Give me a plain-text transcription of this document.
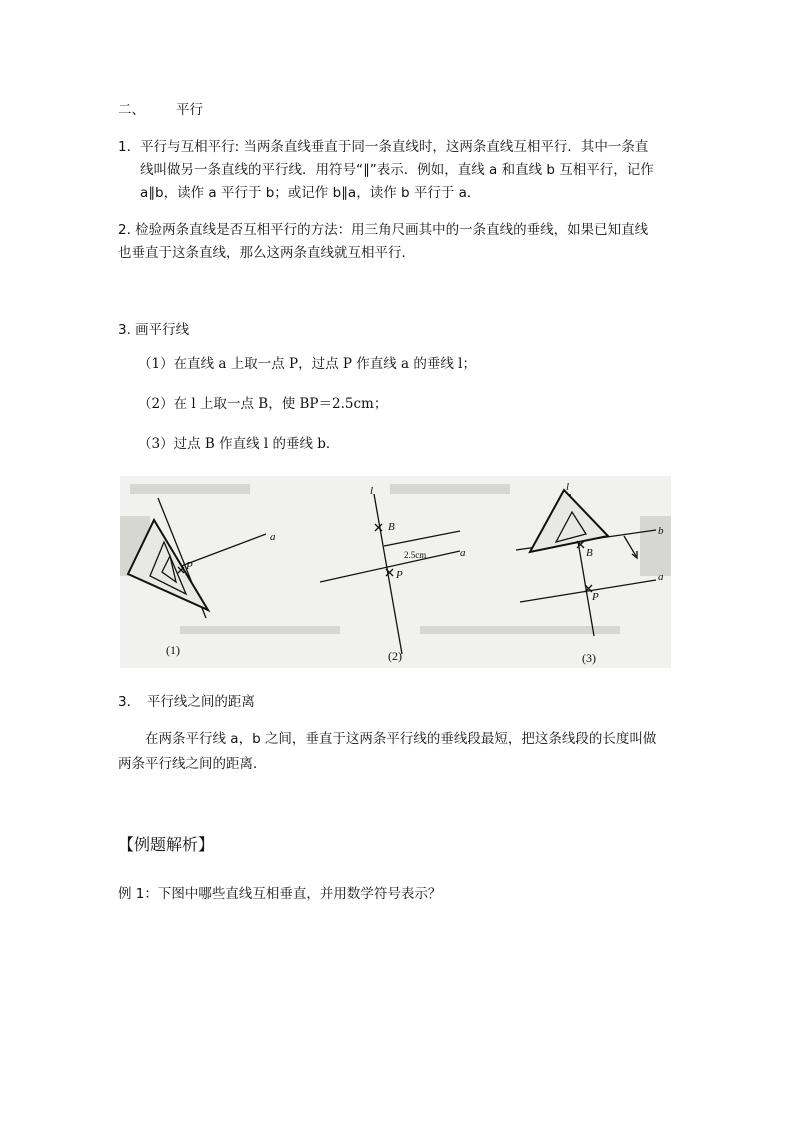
二、 平行
1．平行与互相平行: 当两条直线垂直于同一条直线时，这两条直线互相平行．其中一条直
线叫做另一条直线的平行线．用符号“∥”表示．例如，直线 a 和直线 b 互相平行，记作
a∥b，读作 a 平行于 b；或记作 b∥a，读作 b 平行于 a．
2. 检验两条直线是否互相平行的方法：用三角尺画其中的一条直线的垂线，如果已知直线
也垂直于这条直线，那么这两条直线就互相平行．
3. 画平行线
（1）在直线 a 上取一点 P，过点 P 作直线 a 的垂线 l；
（2）在 l 上取一点 B，使 BP＝2.5cm；
（3）过点 B 作直线 l 的垂线 b．
a
P
(1)
l
B
2.5cm	a
P
(2)
l
b
B
a
P
(3)
3．　平行线之间的距离
　　在两条平行线 a，b 之间，垂直于这两条平行线的垂线段最短，把这条线段的长度叫做
两条平行线之间的距离．
【例题解析】
例 1：下图中哪些直线互相垂直，并用数学符号表示？
